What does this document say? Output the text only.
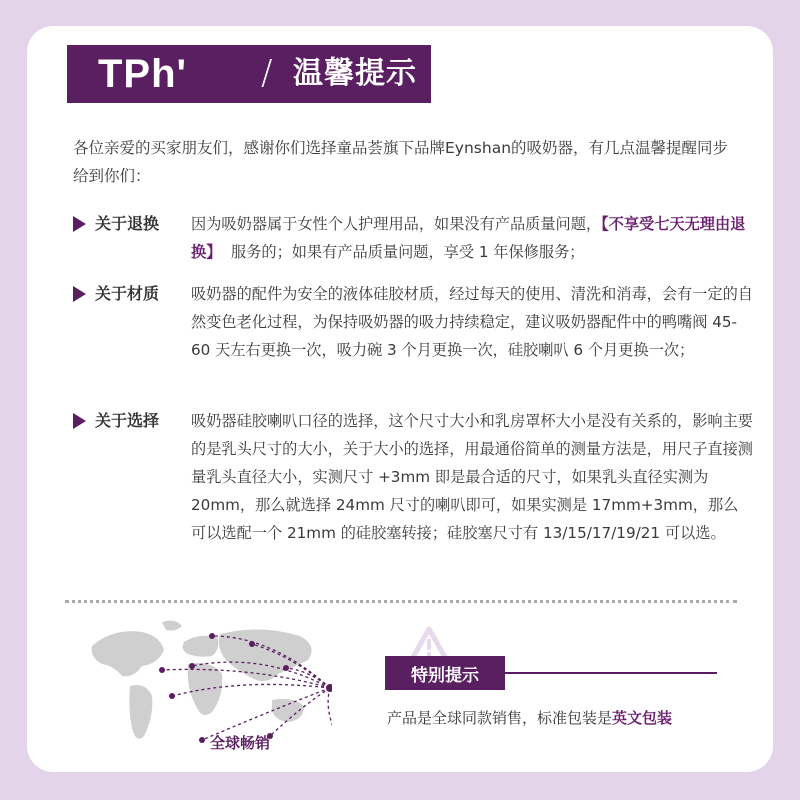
TPh' / 温馨提示
各位亲爱的买家朋友们，感谢你们选择童品荟旗下品牌Eynshan的吸奶器，有几点温馨提醒同步给到你们：
关于退换 因为吸奶器属于女性个人护理用品，如果没有产品质量问题，【不享受七天无理由退换】 服务的；如果有产品质量问题，享受 1 年保修服务；
关于材质 吸奶器的配件为安全的液体硅胶材质，经过每天的使用、清洗和消毒，会有一定的自然变色老化过程，为保持吸奶器的吸力持续稳定，建议吸奶器配件中的鸭嘴阀 45-60 天左右更换一次，吸力碗 3 个月更换一次，硅胶喇叭 6 个月更换一次；
关于选择 吸奶器硅胶喇叭口径的选择，这个尺寸大小和乳房罩杯大小是没有关系的，影响主要的是乳头尺寸的大小，关于大小的选择，用最通俗简单的测量方法是，用尺子直接测量乳头直径大小，实测尺寸 +3mm 即是最合适的尺寸，如果乳头直径实测为 20mm，那么就选择 24mm 尺寸的喇叭即可，如果实测是 17mm+3mm，那么可以选配一个 21mm 的硅胶塞转接；硅胶塞尺寸有 13/15/17/19/21 可以选。
全球畅销
特别提示
产品是全球同款销售，标准包装是英文包装
